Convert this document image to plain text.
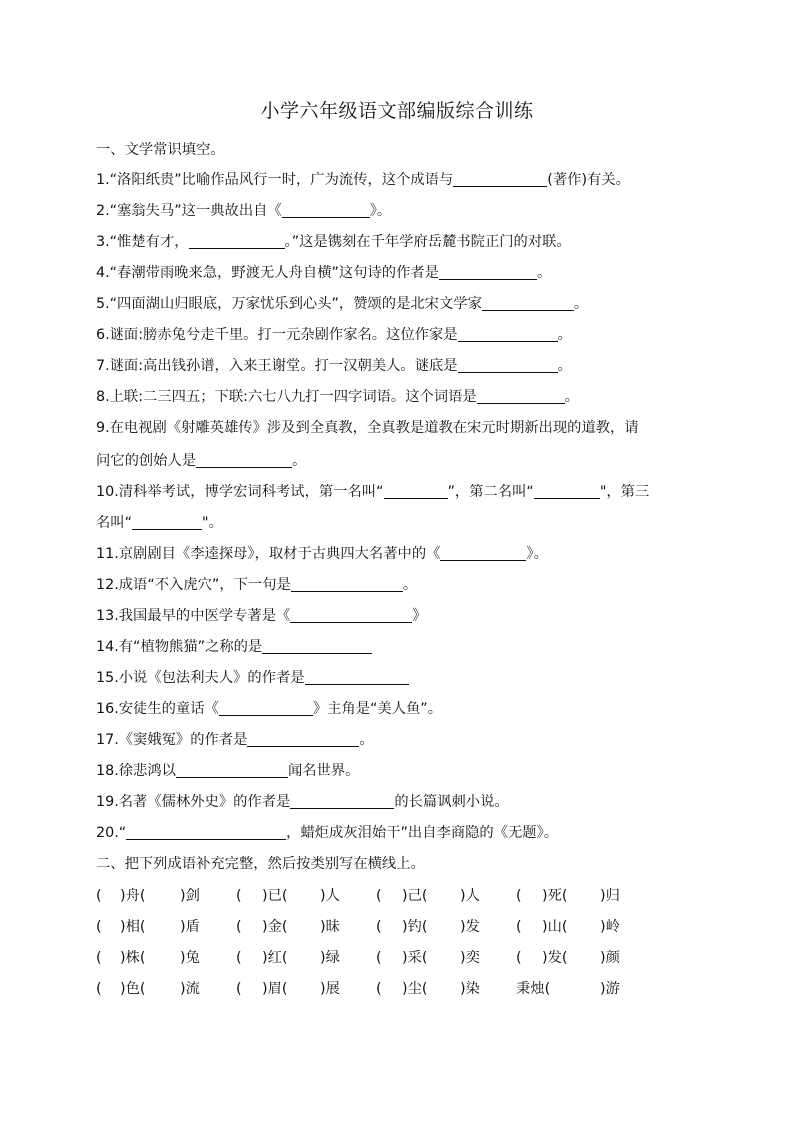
小学六年级语文部编版综合训练
一、文学常识填空。
1.“洛阳纸贵”比喻作品风行一时，广为流传，这个成语与	(著作)有关。
2.“塞翁失马”这一典故出自《	》。
3.“惟楚有才，	。”这是镌刻在千年学府岳麓书院正门的对联。
4.“春潮带雨晚来急，野渡无人舟自横”这句诗的作者是	。
5.“四面湖山归眼底，万家忧乐到心头”，赞颂的是北宋文学家	。
6.谜面:膀赤兔兮走千里。打一元杂剧作家名。这位作家是	。
7.谜面:高出钱孙谱，入来王谢堂。打一汉朝美人。谜底是	。
8.上联:二三四五；下联:六七八九打一四字词语。这个词语是	。
9.在电视剧《射雕英雄传》涉及到全真教，全真教是道教在宋元时期新出现的道教，请
问它的创始人是	。
10.清科举考试，博学宏词科考试，第一名叫“	”，第二名叫“	"，第三
名叫“	"。
11.京剧剧目《李逵探母》，取材于古典四大名著中的《	》。
12.成语“不入虎穴”，下一句是	。
13.我国最早的中医学专著是《	》
14.有“植物熊猫”之称的是
15.小说《包法利夫人》的作者是
16.安徒生的童话《	》主角是“美人鱼”。
17.《窦娥冤》的作者是	。
18.徐悲鸿以	闻名世界。
19.名著《儒林外史》的作者是	的长篇讽刺小说。
20.“	，蜡炬成灰泪始干”出自李商隐的《无题》。
二、把下列成语补充完整，然后按类别写在横线上。
( )舟( )剑	( )已( )人	( )己( )人	( )死( )归
( )相( )盾	( )金( )昧	( )钓( )发	( )山( )岭
( )株( )兔	( )红( )绿	( )采( )奕	( )发( )颜
( )色( )流	( )眉( )展	( )尘( )染	秉烛(	)游
